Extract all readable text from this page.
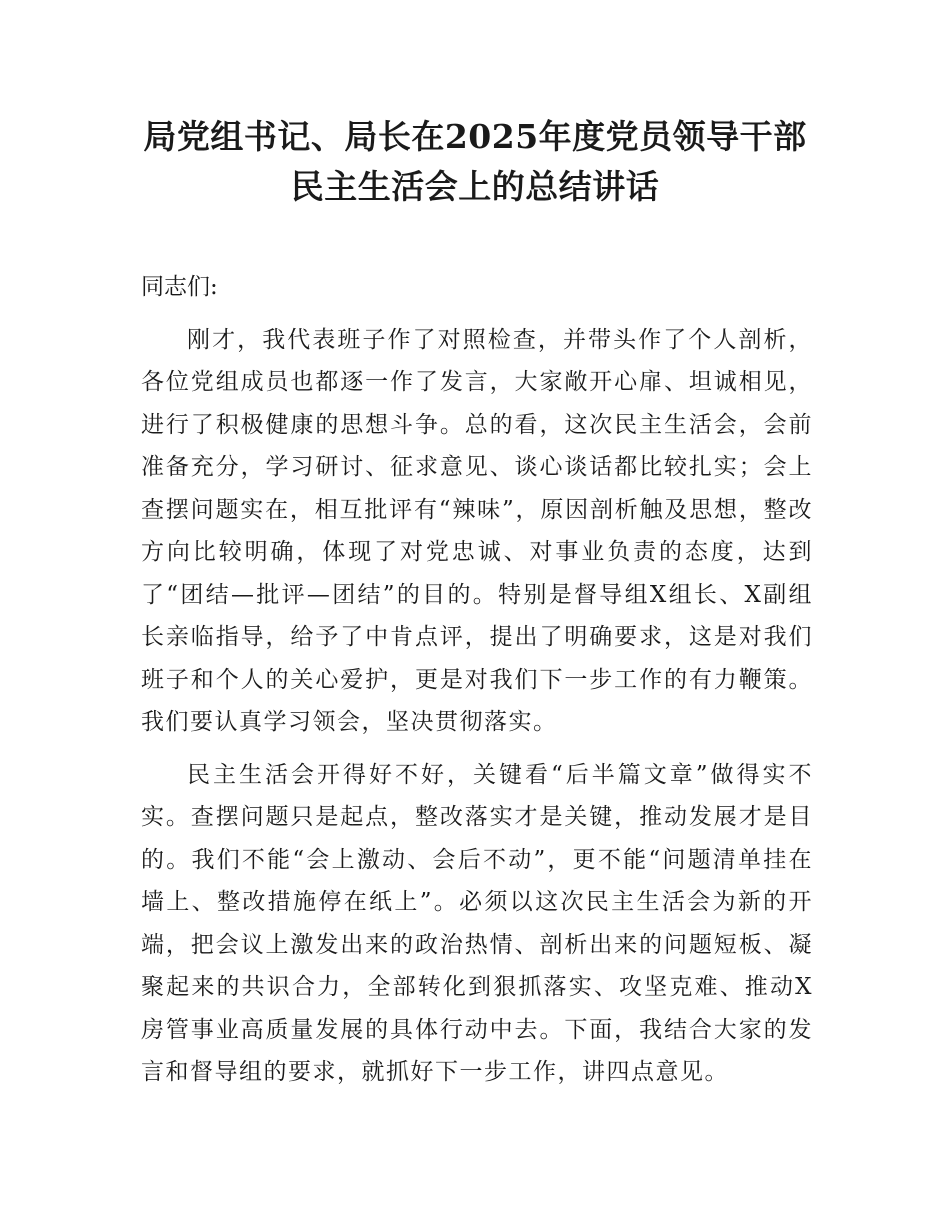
局党组书记、局长在2025年度党员领导干部
民主生活会上的总结讲话

同志们:

刚才，我代表班子作了对照检查，并带头作了个人剖析，各位党组成员也都逐一作了发言，大家敞开心扉、坦诚相见，进行了积极健康的思想斗争。总的看，这次民主生活会，会前准备充分，学习研讨、征求意见、谈心谈话都比较扎实；会上查摆问题实在，相互批评有“辣味”，原因剖析触及思想，整改方向比较明确，体现了对党忠诚、对事业负责的态度，达到了“团结—批评—团结”的目的。特别是督导组X组长、X副组长亲临指导，给予了中肯点评，提出了明确要求，这是对我们班子和个人的关心爱护，更是对我们下一步工作的有力鞭策。我们要认真学习领会，坚决贯彻落实。

民主生活会开得好不好，关键看“后半篇文章”做得实不实。查摆问题只是起点，整改落实才是关键，推动发展才是目的。我们不能“会上激动、会后不动”，更不能“问题清单挂在墙上、整改措施停在纸上”。必须以这次民主生活会为新的开端，把会议上激发出来的政治热情、剖析出来的问题短板、凝聚起来的共识合力，全部转化到狠抓落实、攻坚克难、推动X房管事业高质量发展的具体行动中去。下面，我结合大家的发言和督导组的要求，就抓好下一步工作，讲四点意见。
